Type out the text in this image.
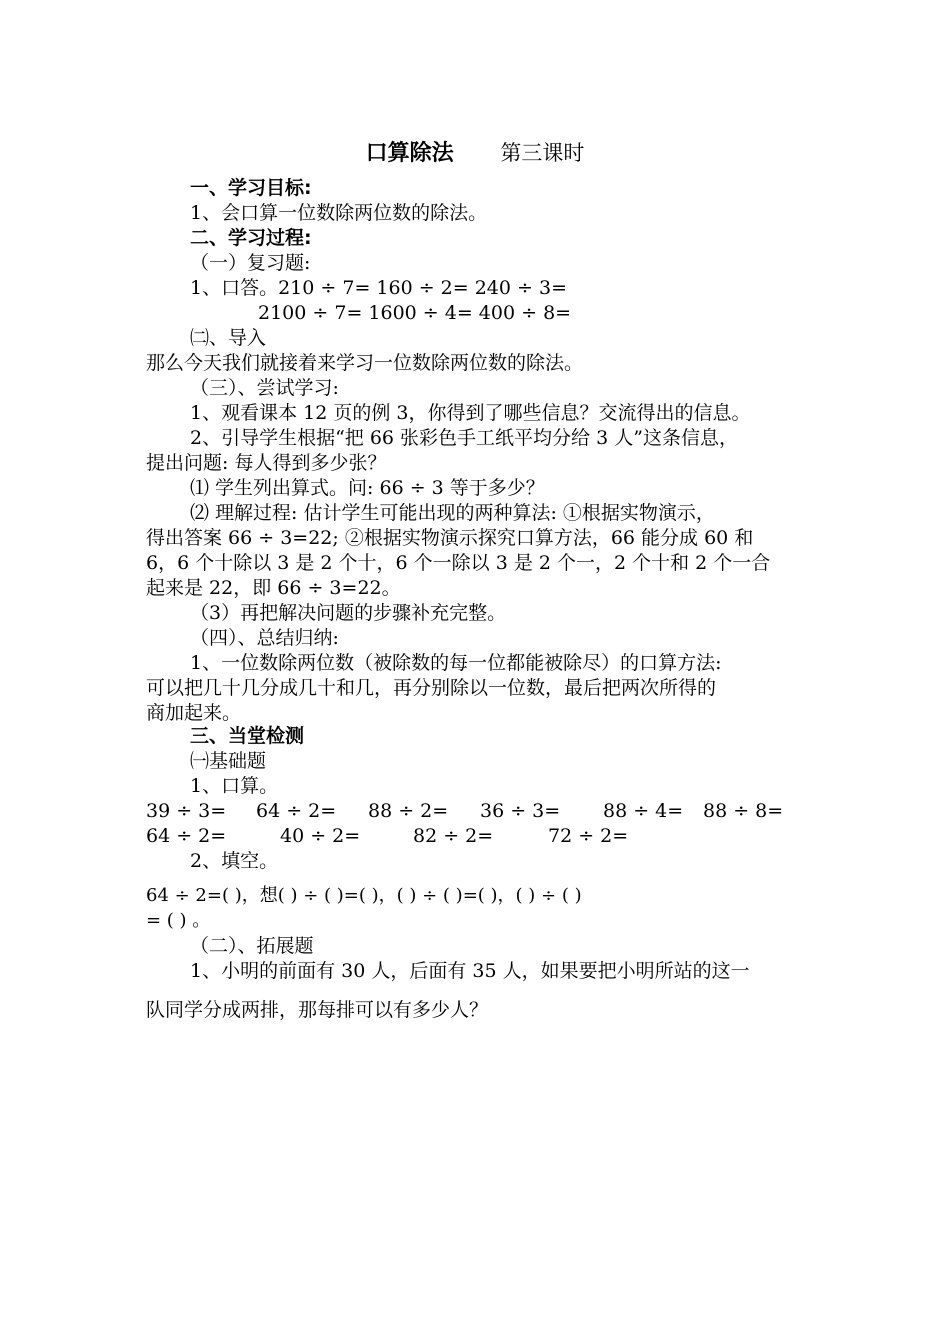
口算除法 第三课时
一、学习目标:
1、会口算一位数除两位数的除法。
二、学习过程:
（一）复习题:
1、口答。210 ÷ 7= 160 ÷ 2= 240 ÷ 3=
2100 ÷ 7= 1600 ÷ 4= 400 ÷ 8=
㈡、导入
那么今天我们就接着来学习一位数除两位数的除法。
（三）、尝试学习:
1、观看课本 12 页的例 3，你得到了哪些信息？交流得出的信息。
2、引导学生根据“把 66 张彩色手工纸平均分给 3 人”这条信息，
提出问题: 每人得到多少张？
⑴ 学生列出算式。问: 66 ÷ 3 等于多少？
⑵ 理解过程: 估计学生可能出现的两种算法: ①根据实物演示，
得出答案 66 ÷ 3=22; ②根据实物演示探究口算方法，66 能分成 60 和
6，6 个十除以 3 是 2 个十，6 个一除以 3 是 2 个一，2 个十和 2 个一合
起来是 22，即 66 ÷ 3=22。
（3）再把解决问题的步骤补充完整。
（四）、总结归纳:
1、一位数除两位数（被除数的每一位都能被除尽）的口算方法:
可以把几十几分成几十和几，再分别除以一位数，最后把两次所得的
商加起来。
三、当堂检测
㈠基础题
1、口算。
39 ÷ 3= 64 ÷ 2= 88 ÷ 2= 36 ÷ 3= 88 ÷ 4= 88 ÷ 8=
64 ÷ 2=	40 ÷ 2=	82 ÷ 2=	72 ÷ 2=
2、填空。
64 ÷ 2=( )，想( ) ÷ ( )=( )，( ) ÷ ( )=( )，( ) ÷ ( )
= ( ) 。
（二）、拓展题
1、小明的前面有 30 人，后面有 35 人，如果要把小明所站的这一
队同学分成两排，那每排可以有多少人？
